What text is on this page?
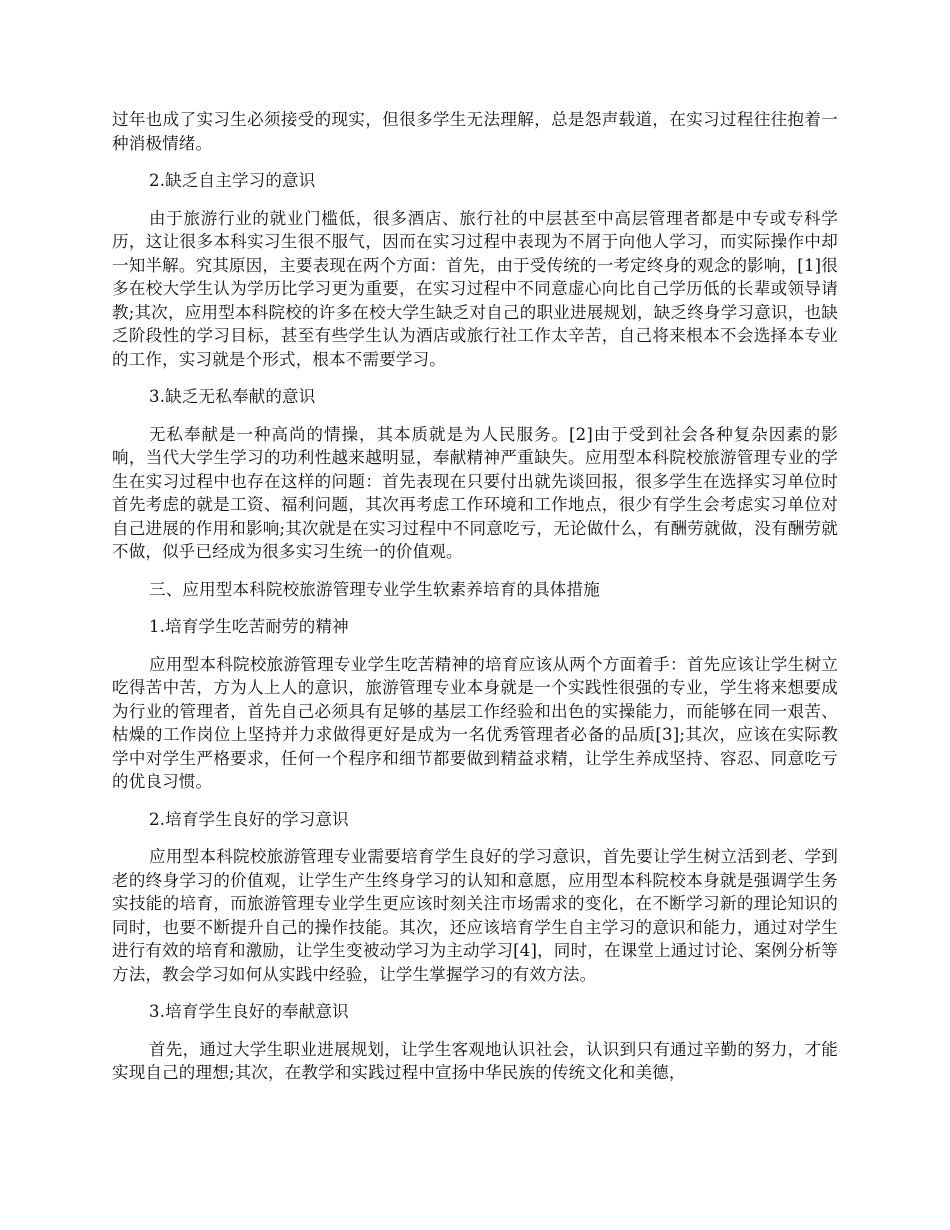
过年也成了实习生必须接受的现实，但很多学生无法理解，总是怨声载道，在实习过程往往抱着一种消极情绪。

2.缺乏自主学习的意识

由于旅游行业的就业门槛低，很多酒店、旅行社的中层甚至中高层管理者都是中专或专科学历，这让很多本科实习生很不服气，因而在实习过程中表现为不屑于向他人学习，而实际操作中却一知半解。究其原因，主要表现在两个方面：首先，由于受传统的一考定终身的观念的影响，[1]很多在校大学生认为学历比学习更为重要，在实习过程中不同意虚心向比自己学历低的长辈或领导请教;其次，应用型本科院校的许多在校大学生缺乏对自己的职业进展规划，缺乏终身学习意识，也缺乏阶段性的学习目标，甚至有些学生认为酒店或旅行社工作太辛苦，自己将来根本不会选择本专业的工作，实习就是个形式，根本不需要学习。

3.缺乏无私奉献的意识

无私奉献是一种高尚的情操，其本质就是为人民服务。[2]由于受到社会各种复杂因素的影响，当代大学生学习的功利性越来越明显，奉献精神严重缺失。应用型本科院校旅游管理专业的学生在实习过程中也存在这样的问题：首先表现在只要付出就先谈回报，很多学生在选择实习单位时首先考虑的就是工资、福利问题，其次再考虑工作环境和工作地点，很少有学生会考虑实习单位对自己进展的作用和影响;其次就是在实习过程中不同意吃亏，无论做什么，有酬劳就做，没有酬劳就不做，似乎已经成为很多实习生统一的价值观。

三、应用型本科院校旅游管理专业学生软素养培育的具体措施

1.培育学生吃苦耐劳的精神

应用型本科院校旅游管理专业学生吃苦精神的培育应该从两个方面着手：首先应该让学生树立吃得苦中苦，方为人上人的意识，旅游管理专业本身就是一个实践性很强的专业，学生将来想要成为行业的管理者，首先自己必须具有足够的基层工作经验和出色的实操能力，而能够在同一艰苦、枯燥的工作岗位上坚持并力求做得更好是成为一名优秀管理者必备的品质[3];其次，应该在实际教学中对学生严格要求，任何一个程序和细节都要做到精益求精，让学生养成坚持、容忍、同意吃亏的优良习惯。

2.培育学生良好的学习意识

应用型本科院校旅游管理专业需要培育学生良好的学习意识，首先要让学生树立活到老、学到老的终身学习的价值观，让学生产生终身学习的认知和意愿，应用型本科院校本身就是强调学生务实技能的培育，而旅游管理专业学生更应该时刻关注市场需求的变化，在不断学习新的理论知识的同时，也要不断提升自己的操作技能。其次，还应该培育学生自主学习的意识和能力，通过对学生进行有效的培育和激励，让学生变被动学习为主动学习[4]，同时，在课堂上通过讨论、案例分析等方法，教会学习如何从实践中经验，让学生掌握学习的有效方法。

3.培育学生良好的奉献意识

首先，通过大学生职业进展规划，让学生客观地认识社会，认识到只有通过辛勤的努力，才能实现自己的理想;其次，在教学和实践过程中宣扬中华民族的传统文化和美德，
